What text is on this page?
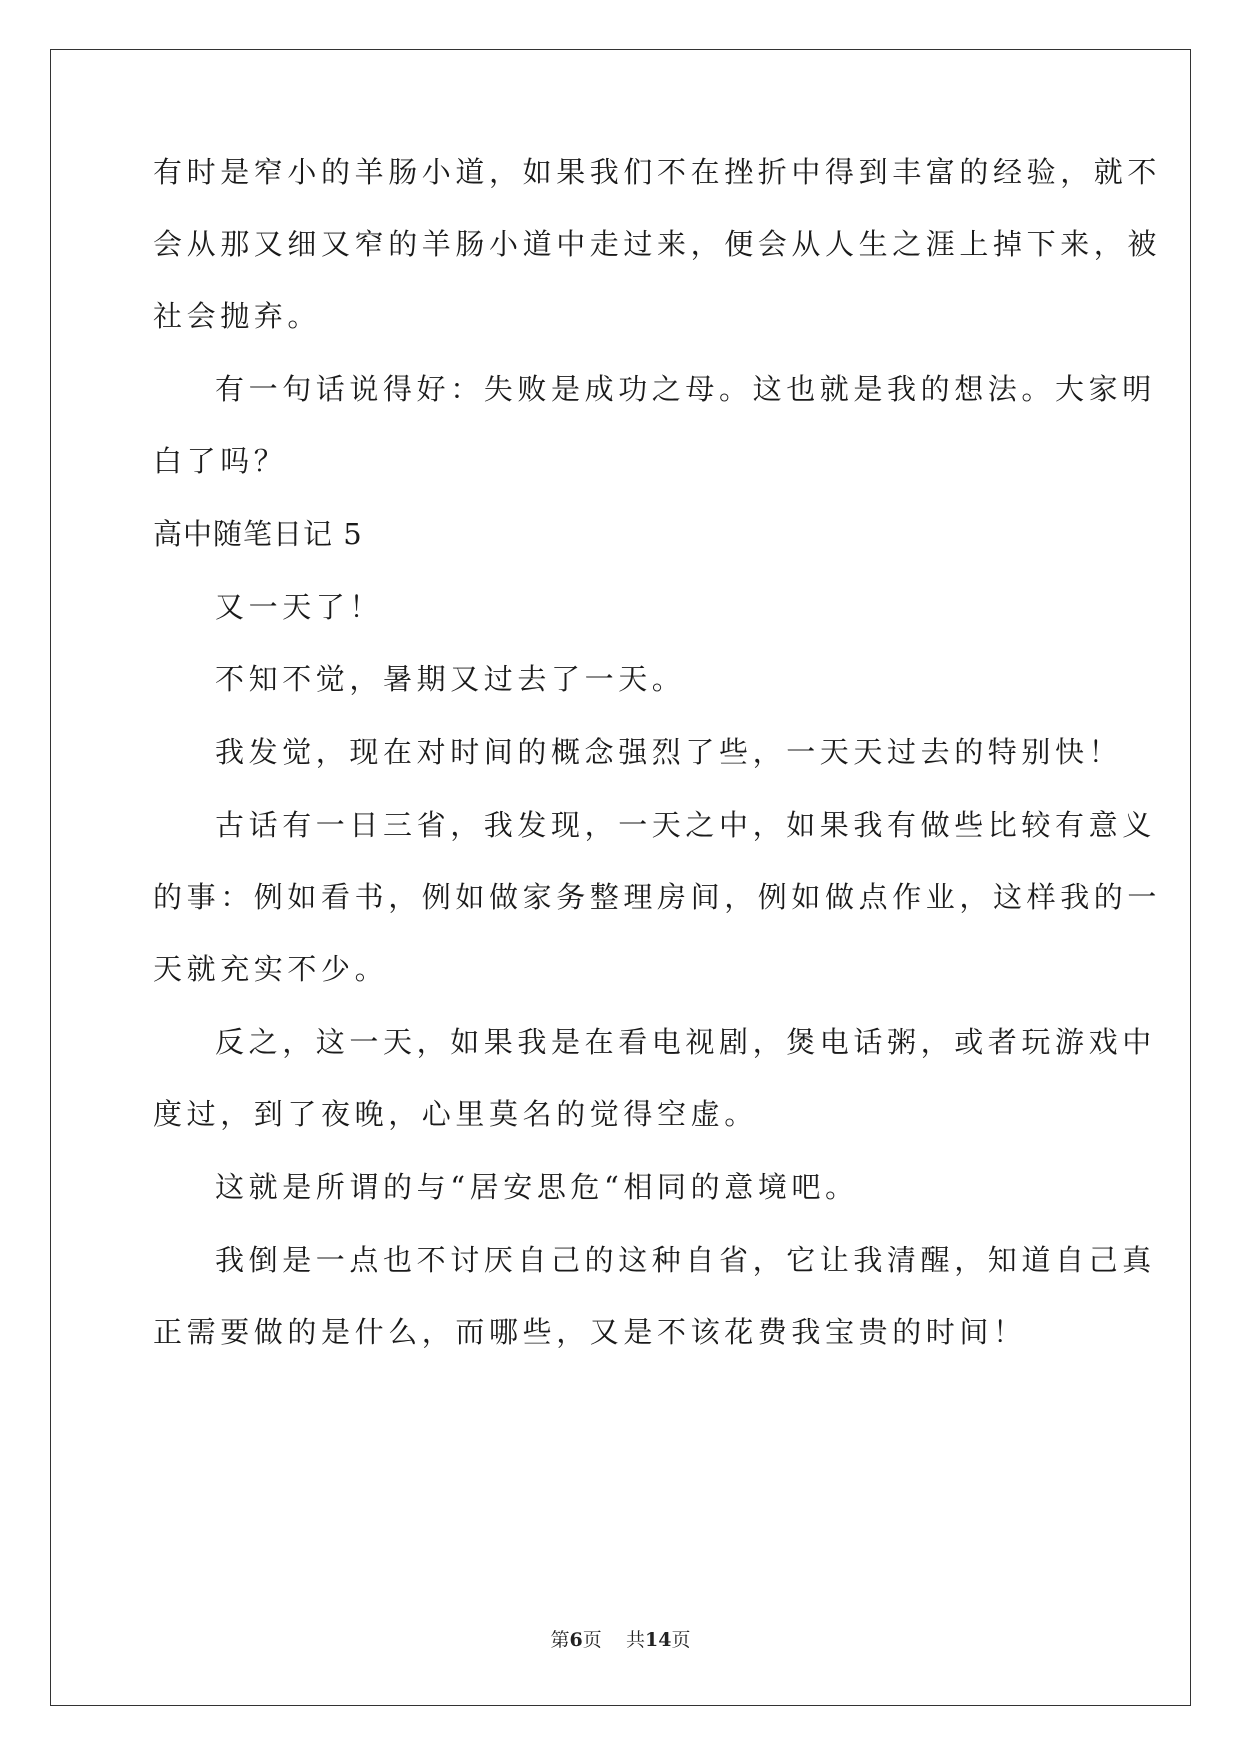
有时是窄小的羊肠小道，如果我们不在挫折中得到丰富的经验，就不
会从那又细又窄的羊肠小道中走过来，便会从人生之涯上掉下来，被
社会抛弃。
有一句话说得好：失败是成功之母。这也就是我的想法。大家明
白了吗？
高中随笔日记 5
又一天了！
不知不觉，暑期又过去了一天。
我发觉，现在对时间的概念强烈了些，一天天过去的特别快！
古话有一日三省，我发现，一天之中，如果我有做些比较有意义
的事：例如看书，例如做家务整理房间，例如做点作业，这样我的一
天就充实不少。
反之，这一天，如果我是在看电视剧，煲电话粥，或者玩游戏中
度过，到了夜晚，心里莫名的觉得空虚。
这就是所谓的与“居安思危“相同的意境吧。
我倒是一点也不讨厌自己的这种自省，它让我清醒，知道自己真
正需要做的是什么，而哪些，又是不该花费我宝贵的时间！
第6页 共14页
